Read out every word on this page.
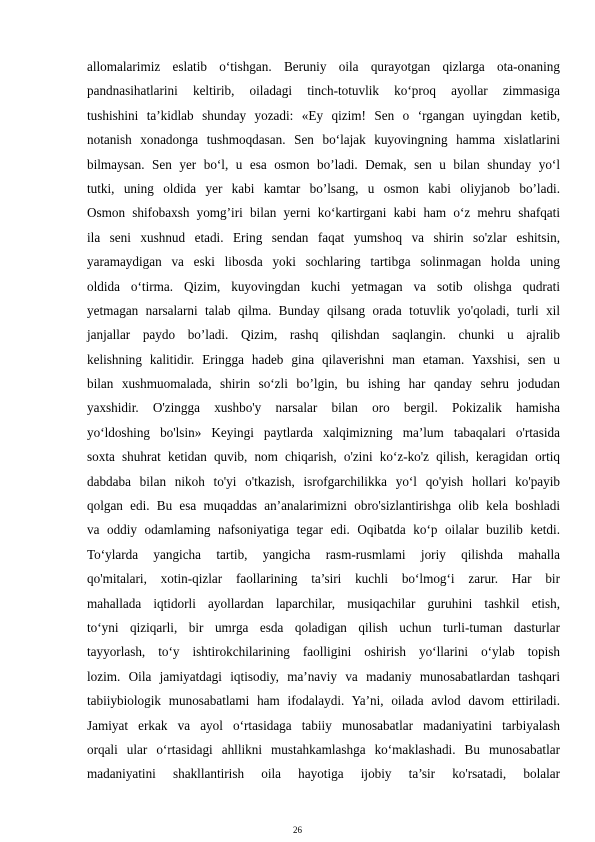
allomalarimiz eslatib o‘tishgan. Beruniy oila qurayotgan qizlarga ota-onaning
pandnasihatlarini keltirib, oiladagi tinch-totuvlik ko‘proq ayollar zimmasiga
tushishini ta’kidlab shunday yozadi: «Ey qizim! Sen o ‘rgangan uyingdan ketib,
notanish xonadonga tushmoqdasan. Sen bo‘lajak kuyovingning hamma xislatlarini
bilmaysan. Sen yer bo‘l, u esa osmon bo’ladi. Demak, sen u bilan shunday yo‘l
tutki, uning oldida yer kabi kamtar bo’lsang, u osmon kabi oliyjanob bo’ladi.
Osmon shifobaxsh yomg’iri bilan yerni ko‘kartirgani kabi ham o‘z mehru shafqati
ila seni xushnud etadi. Ering sendan faqat yumshoq va shirin so'zlar eshitsin,
yaramaydigan va eski libosda yoki sochlaring tartibga solinmagan holda uning
oldida o‘tirma. Qizim, kuyovingdan kuchi yetmagan va sotib olishga qudrati
yetmagan narsalarni talab qilma. Bunday qilsang orada totuvlik yo'qoladi, turli xil
janjallar paydo bo’ladi. Qizim, rashq qilishdan saqlangin. chunki u ajralib
kelishning kalitidir. Eringga hadeb gina qilaverishni man etaman. Yaxshisi, sen u
bilan xushmuomalada, shirin so‘zli bo’lgin, bu ishing har qanday sehru jodudan
yaxshidir. O'zingga xushbo'y narsalar bilan oro bergil. Pokizalik hamisha
yo‘ldoshing bo'lsin» Keyingi paytlarda xalqimizning ma’lum tabaqalari o'rtasida
soxta shuhrat ketidan quvib, nom chiqarish, o'zini ko‘z-ko'z qilish, keragidan ortiq
dabdaba bilan nikoh to'yi o'tkazish, isrofgarchilikka yo‘l qo'yish hollari ko'payib
qolgan edi. Bu esa muqaddas an’analarimizni obro'sizlantirishga olib kela boshladi
va oddiy odamlaming nafsoniyatiga tegar edi. Oqibatda ko‘p oilalar buzilib ketdi.
To‘ylarda yangicha tartib, yangicha rasm-rusmlami joriy qilishda mahalla
qo'mitalari, xotin-qizlar faollarining ta’siri kuchli bo‘lmog‘i zarur. Har bir
mahallada iqtidorli ayollardan laparchilar, musiqachilar guruhini tashkil etish,
to‘yni qiziqarli, bir umrga esda qoladigan qilish uchun turli-tuman dasturlar
tayyorlash, to‘y ishtirokchilarining faolligini oshirish yo‘llarini o‘ylab topish
lozim. Oila jamiyatdagi iqtisodiy, ma’naviy va madaniy munosabatlardan tashqari
tabiiybiologik munosabatlami ham ifodalaydi. Ya’ni, oilada avlod davom ettiriladi.
Jamiyat erkak va ayol o‘rtasidaga tabiiy munosabatlar madaniyatini tarbiyalash
orqali ular o‘rtasidagi ahllikni mustahkamlashga ko‘maklashadi. Bu munosabatlar
madaniyatini shakllantirish oila hayotiga ijobiy ta’sir ko'rsatadi, bolalar
26
